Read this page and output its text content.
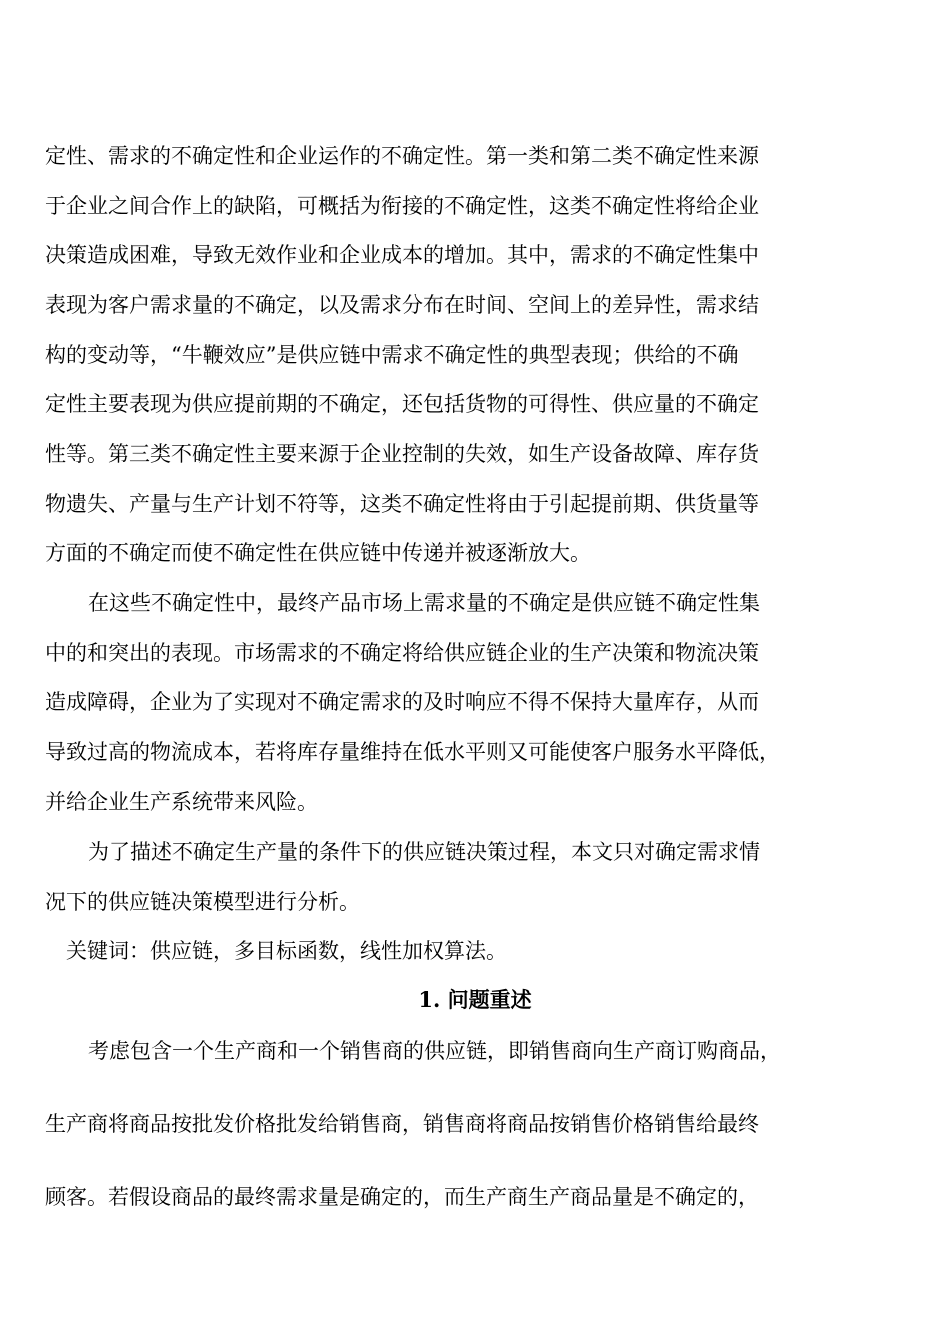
定性、需求的不确定性和企业运作的不确定性。第一类和第二类不确定性来源
于企业之间合作上的缺陷，可概括为衔接的不确定性，这类不确定性将给企业
决策造成困难，导致无效作业和企业成本的增加。其中，需求的不确定性集中
表现为客户需求量的不确定，以及需求分布在时间、空间上的差异性，需求结
构的变动等，“牛鞭效应”是供应链中需求不确定性的典型表现；供给的不确
定性主要表现为供应提前期的不确定，还包括货物的可得性、供应量的不确定
性等。第三类不确定性主要来源于企业控制的失效，如生产设备故障、库存货
物遗失、产量与生产计划不符等，这类不确定性将由于引起提前期、供货量等
方面的不确定而使不确定性在供应链中传递并被逐渐放大。
在这些不确定性中，最终产品市场上需求量的不确定是供应链不确定性集
中的和突出的表现。市场需求的不确定将给供应链企业的生产决策和物流决策
造成障碍，企业为了实现对不确定需求的及时响应不得不保持大量库存，从而
导致过高的物流成本，若将库存量维持在低水平则又可能使客户服务水平降低，
并给企业生产系统带来风险。
为了描述不确定生产量的条件下的供应链决策过程，本文只对确定需求情
况下的供应链决策模型进行分析。
关键词：供应链，多目标函数，线性加权算法。
1. 问题重述
考虑包含一个生产商和一个销售商的供应链，即销售商向生产商订购商品，
生产商将商品按批发价格批发给销售商，销售商将商品按销售价格销售给最终
顾客。若假设商品的最终需求量是确定的，而生产商生产商品量是不确定的，
